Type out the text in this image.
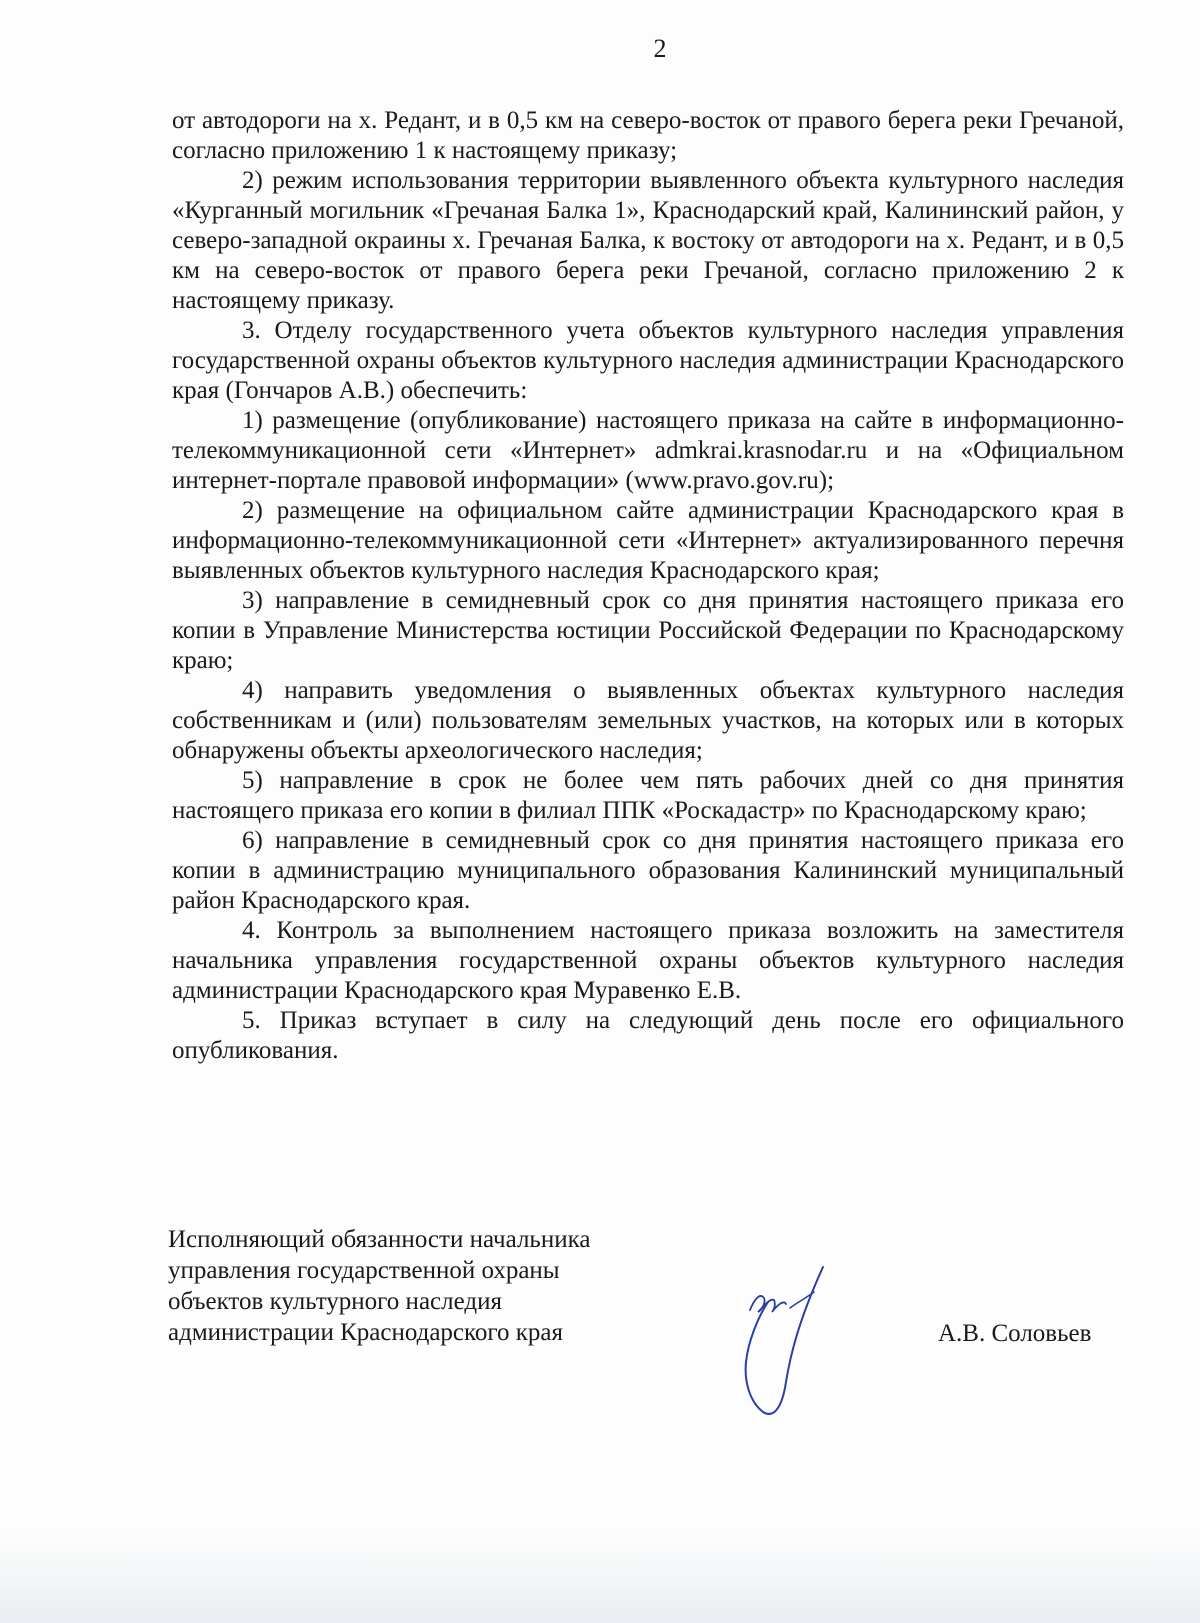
2

от автодороги на х. Редант, и в 0,5 км на северо-восток от правого берега реки Гречаной, согласно приложению 1 к настоящему приказу;

2) режим использования территории выявленного объекта культурного наследия «Курганный могильник «Гречаная Балка 1», Краснодарский край, Калининский район, у северо-западной окраины х. Гречаная Балка, к востоку от автодороги на х. Редант, и в 0,5 км на северо-восток от правого берега реки Гречаной, согласно приложению 2 к настоящему приказу.

3. Отделу государственного учета объектов культурного наследия управления государственной охраны объектов культурного наследия администрации Краснодарского края (Гончаров А.В.) обеспечить:

1) размещение (опубликование) настоящего приказа на сайте в информационно-телекоммуникационной сети «Интернет» admkrai.krasnodar.ru и на «Официальном интернет-портале правовой информации» (www.pravo.gov.ru);

2) размещение на официальном сайте администрации Краснодарского края в информационно-телекоммуникационной сети «Интернет» актуализированного перечня выявленных объектов культурного наследия Краснодарского края;

3) направление в семидневный срок со дня принятия настоящего приказа его копии в Управление Министерства юстиции Российской Федерации по Краснодарскому краю;

4) направить уведомления о выявленных объектах культурного наследия собственникам и (или) пользователям земельных участков, на которых или в которых обнаружены объекты археологического наследия;

5) направление в срок не более чем пять рабочих дней со дня принятия настоящего приказа его копии в филиал ППК «Роскадастр» по Краснодарскому краю;

6) направление в семидневный срок со дня принятия настоящего приказа его копии в администрацию муниципального образования Калининский муниципальный район Краснодарского края.

4. Контроль за выполнением настоящего приказа возложить на заместителя начальника управления государственной охраны объектов культурного наследия администрации Краснодарского края Муравенко Е.В.

5. Приказ вступает в силу на следующий день после его официального опубликования.

Исполняющий обязанности начальника
управления государственной охраны
объектов культурного наследия
администрации Краснодарского края	А.В. Соловьев
